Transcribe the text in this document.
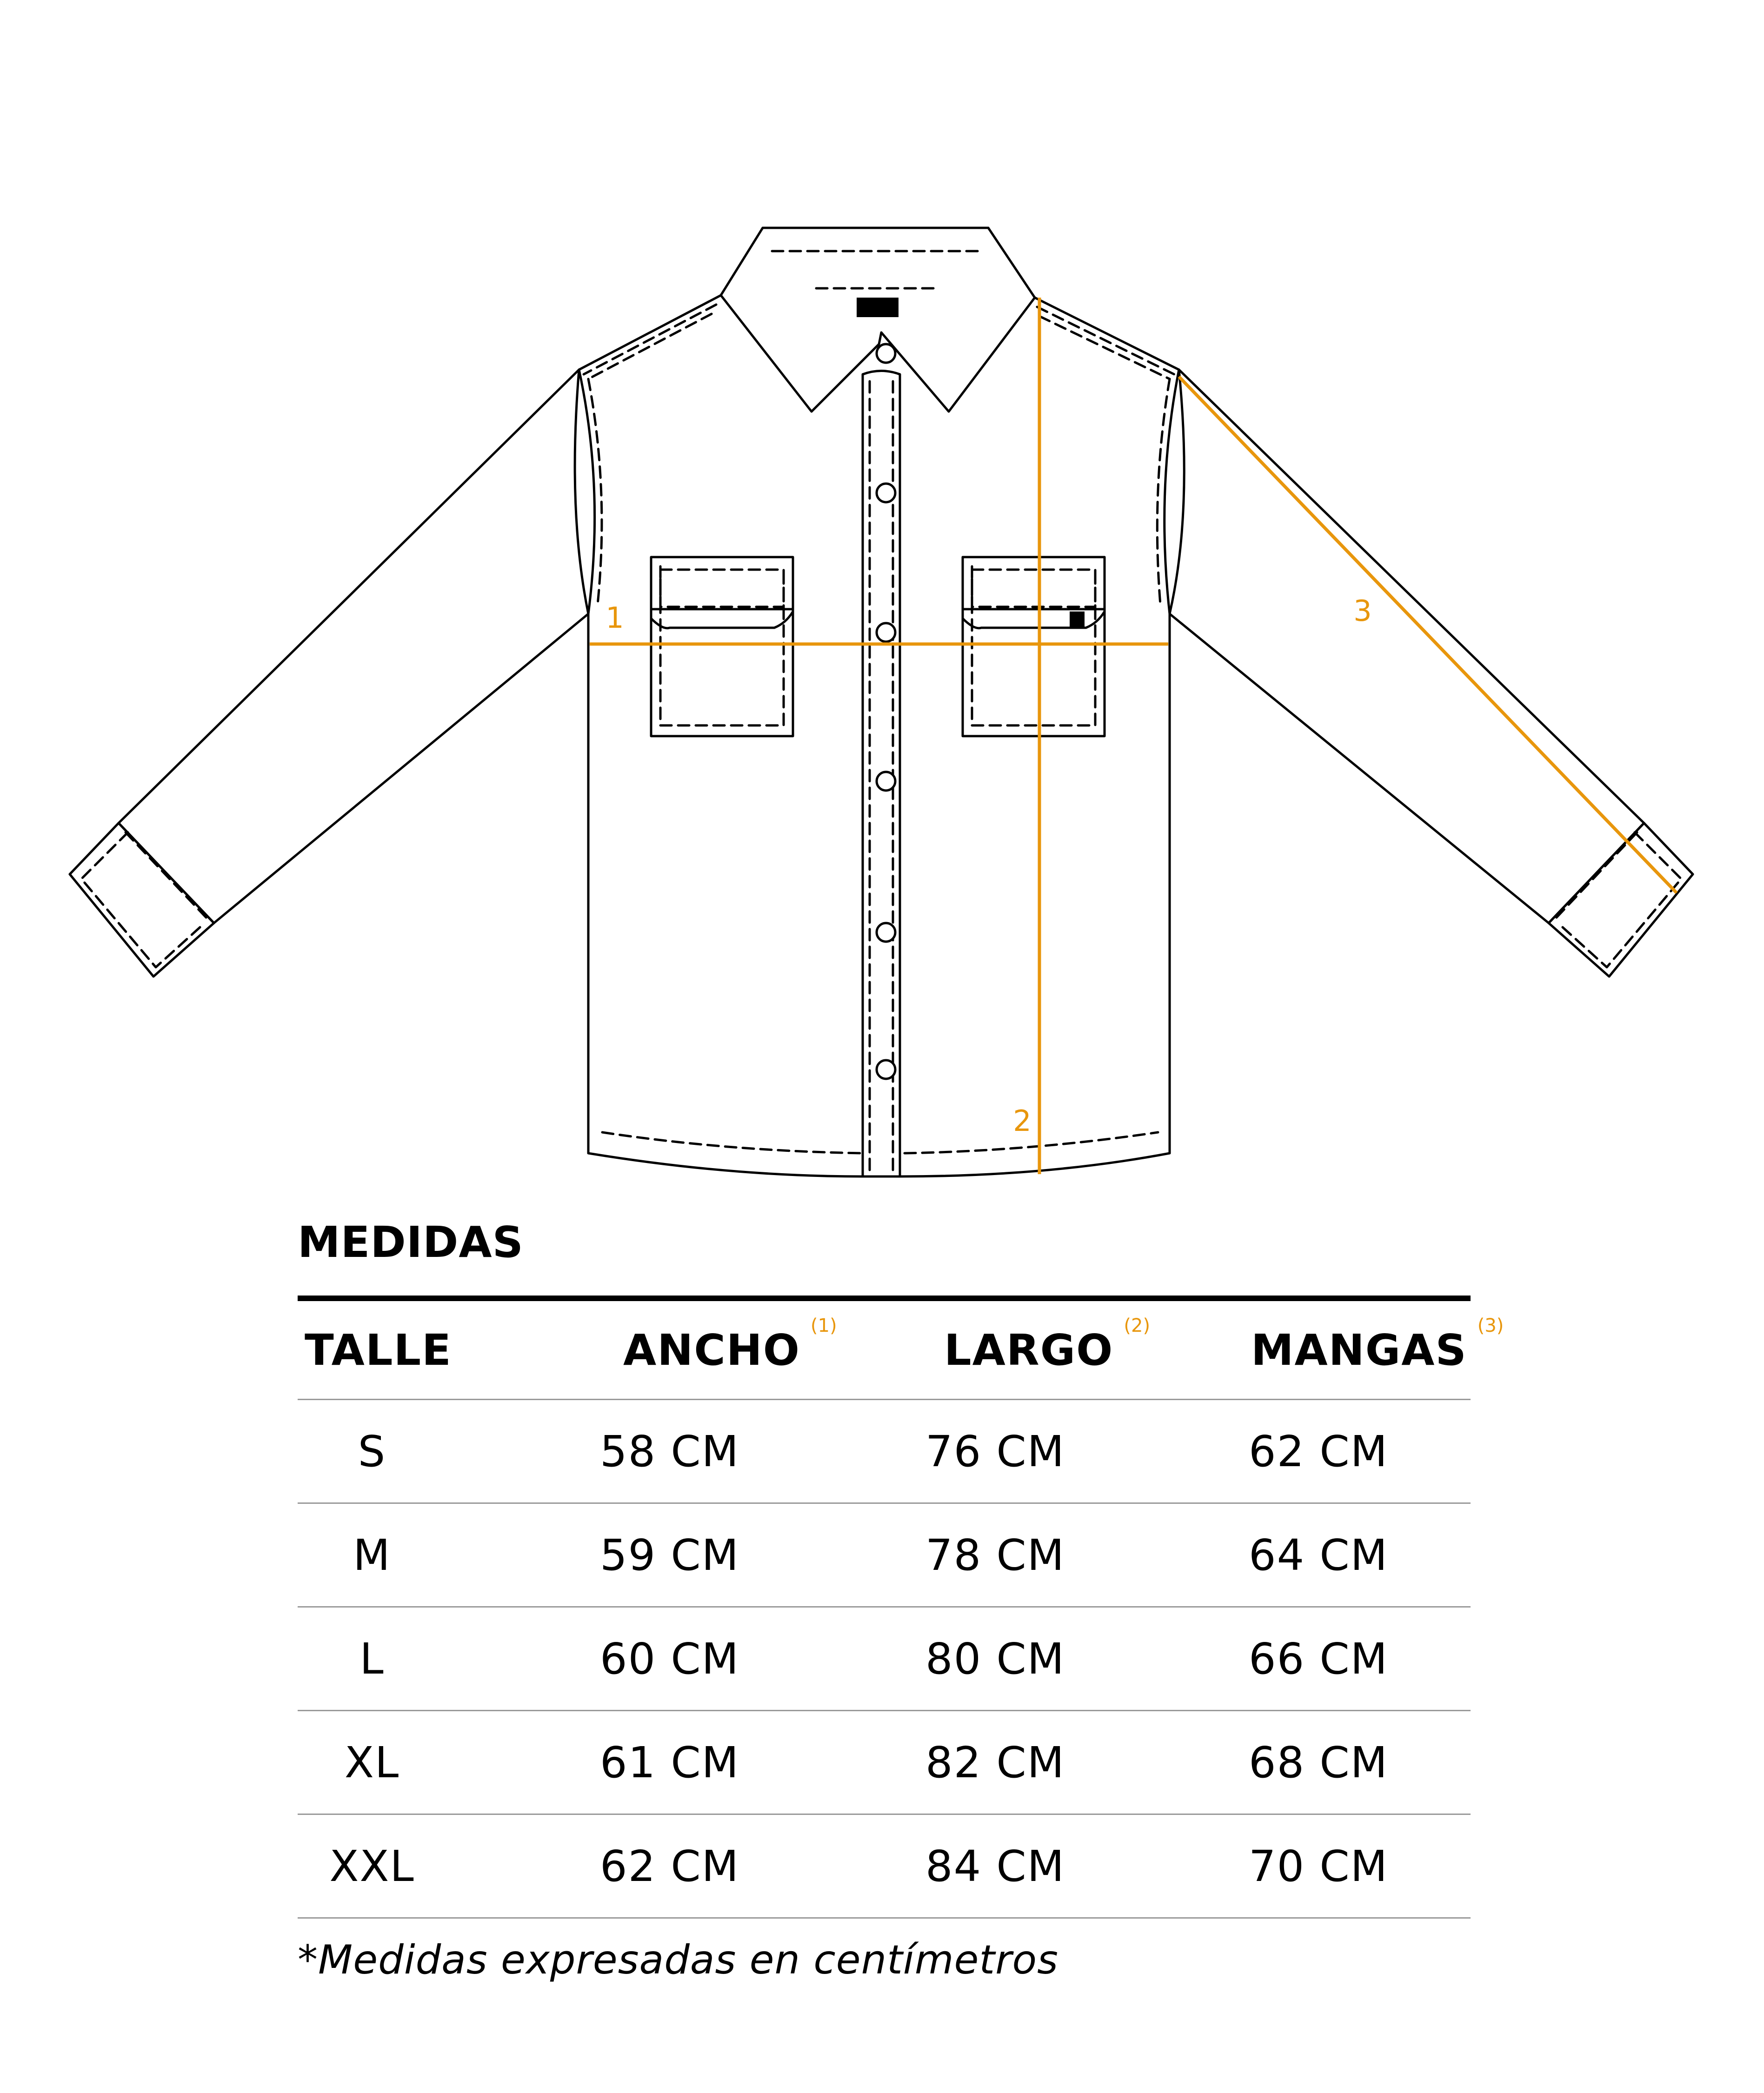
1
2
3
MEDIDAS
TALLE	ANCHO (1)	LARGO (2) MANGAS (3)
S	58 CM	76 CM	62 CM
M	59 CM	78 CM	64 CM
L	60 CM	80 CM	66 CM
XL	61 CM	82 CM	68 CM
XXL	62 CM	84 CM	70 CM
*Medidas expresadas en centímetros
